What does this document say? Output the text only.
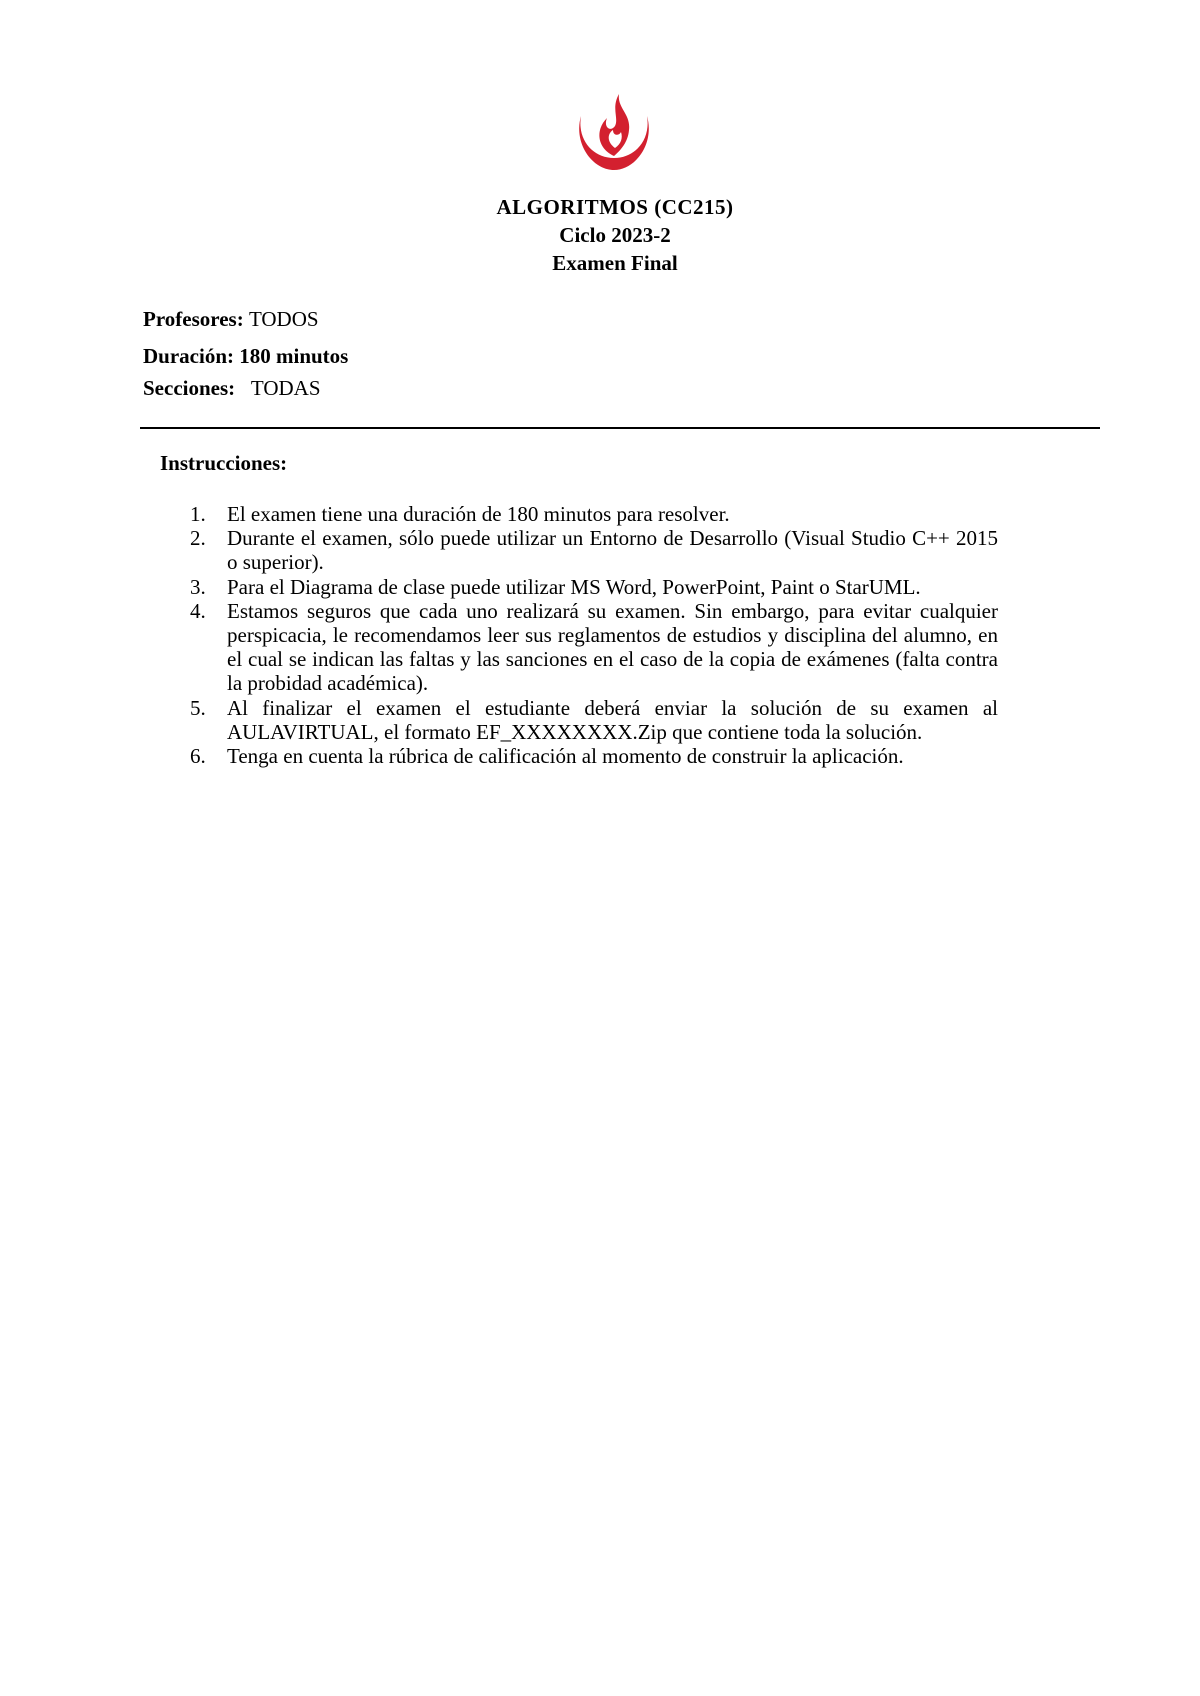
ALGORITMOS (CC215)
Ciclo 2023-2
Examen Final
Profesores: TODOS
Duración: 180 minutos
Secciones:   TODAS
Instrucciones:
1. El examen tiene una duración de 180 minutos para resolver.
2. Durante el examen, sólo puede utilizar un Entorno de Desarrollo (Visual Studio C++ 2015 o superior).
3. Para el Diagrama de clase puede utilizar MS Word, PowerPoint, Paint o StarUML.
4. Estamos seguros que cada uno realizará su examen. Sin embargo, para evitar cualquier perspicacia, le recomendamos leer sus reglamentos de estudios y disciplina del alumno, en el cual se indican las faltas y las sanciones en el caso de la copia de exámenes (falta contra la probidad académica).
5. Al finalizar el examen el estudiante deberá enviar la solución de su examen al AULAVIRTUAL, el formato EF_XXXXXXXX.Zip que contiene toda la solución.
6. Tenga en cuenta la rúbrica de calificación al momento de construir la aplicación.
